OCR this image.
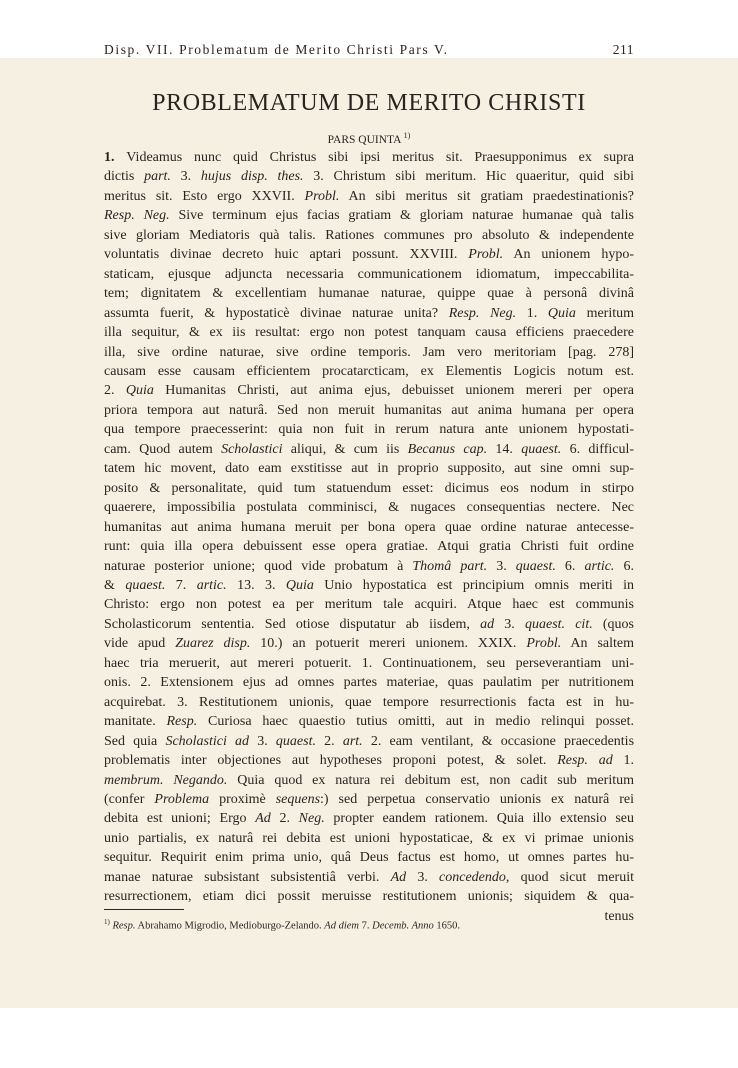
Disp. VII. Problematum de Merito Christi Pars V.	211
PROBLEMATUM DE MERITO CHRISTI
PARS QUINTA $^{1)}$
1. Videamus nunc quid Christus sibi ipsi meritus sit. Praesupponimus ex supra
dictis part. 3. hujus disp. thes. 3. Christum sibi meritum. Hic quaeritur, quid sibi
meritus sit. Esto ergo XXVII. Probl. An sibi meritus sit gratiam praedestinationis?
Resp. Neg. Sive terminum ejus facias gratiam & gloriam naturae humanae quà talis
sive gloriam Mediatoris quà talis. Rationes communes pro absoluto & independente
voluntatis divinae decreto huic aptari possunt. XXVIII. Probl. An unionem hypo-
staticam, ejusque adjuncta necessaria communicationem idiomatum, impeccabilita-
tem; dignitatem & excellentiam humanae naturae, quippe quae à personâ divinâ
assumta fuerit, & hypostaticè divinae naturae unita? Resp. Neg. 1. Quia meritum
illa sequitur, & ex iis resultat: ergo non potest tanquam causa efficiens praecedere
illa, sive ordine naturae, sive ordine temporis. Jam vero meritoriam [pag. 278]
causam esse causam efficientem procatarcticam, ex Elementis Logicis notum est.
2. Quia Humanitas Christi, aut anima ejus, debuisset unionem mereri per opera
priora tempora aut naturâ. Sed non meruit humanitas aut anima humana per opera
qua tempore praecesserint: quia non fuit in rerum natura ante unionem hypostati-
cam. Quod autem Scholastici aliqui, & cum iis Becanus cap. 14. quaest. 6. difficul-
tatem hic movent, dato eam exstitisse aut in proprio supposito, aut sine omni sup-
posito & personalitate, quid tum statuendum esset: dicimus eos nodum in stirpo
quaerere, impossibilia postulata comminisci, & nugaces consequentias nectere. Nec
humanitas aut anima humana meruit per bona opera quae ordine naturae antecesse-
runt: quia illa opera debuissent esse opera gratiae. Atqui gratia Christi fuit ordine
naturae posterior unione; quod vide probatum à Thomâ part. 3. quaest. 6. artic. 6.
& quaest. 7. artic. 13. 3. Quia Unio hypostatica est principium omnis meriti in
Christo: ergo non potest ea per meritum tale acquiri. Atque haec est communis
Scholasticorum sententia. Sed otiose disputatur ab iisdem, ad 3. quaest. cit. (quos
vide apud Zuarez disp. 10.) an potuerit mereri unionem. XXIX. Probl. An saltem
haec tria meruerit, aut mereri potuerit. 1. Continuationem, seu perseverantiam uni-
onis. 2. Extensionem ejus ad omnes partes materiae, quas paulatim per nutritionem
acquirebat. 3. Restitutionem unionis, quae tempore resurrectionis facta est in hu-
manitate. Resp. Curiosa haec quaestio tutius omitti, aut in medio relinqui posset.
Sed quia Scholastici ad 3. quaest. 2. art. 2. eam ventilant, & occasione praecedentis
problematis inter objectiones aut hypotheses proponi potest, & solet. Resp. ad 1.
membrum. Negando. Quia quod ex natura rei debitum est, non cadit sub meritum
(confer Problema proximè sequens:) sed perpetua conservatio unionis ex naturâ rei
debita est unioni; Ergo Ad 2. Neg. propter eandem rationem. Quia illo extensio seu
unio partialis, ex naturâ rei debita est unioni hypostaticae, & ex vi primae unionis
sequitur. Requirit enim prima unio, quâ Deus factus est homo, ut omnes partes hu-
manae naturae subsistant subsistentiâ verbi. Ad 3. concedendo, quod sicut meruit
resurrectionem, etiam dici possit meruisse restitutionem unionis; siquidem & qua-
tenus
$^{1)}$ Resp. Abrahamo Migrodio, Medioburgo-Zelando. Ad diem 7. Decemb. Anno 1650.
